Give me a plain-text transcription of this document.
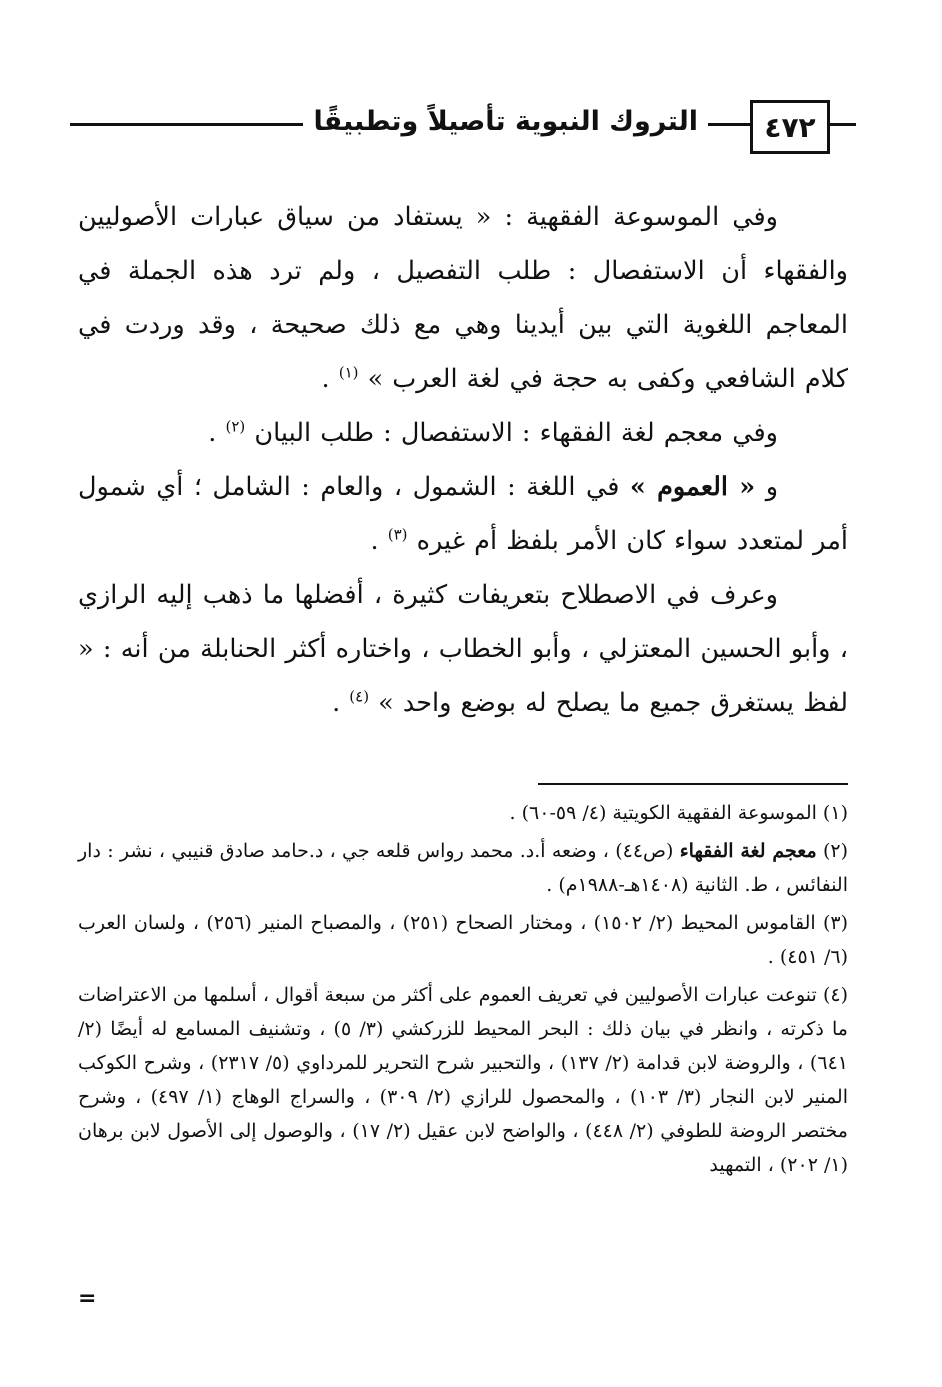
٤٧٢
التروك النبوية تأصيلاً وتطبيقًا

وفي الموسوعة الفقهية : « يستفاد من سياق عبارات الأصوليين والفقهاء أن الاستفصال : طلب التفصيل ، ولم ترد هذه الجملة في المعاجم اللغوية التي بين أيدينا وهي مع ذلك صحيحة ، وقد وردت في كلام الشافعي وكفى به حجة في لغة العرب » $^{(١)}$ .

وفي معجم لغة الفقهاء : الاستفصال : طلب البيان $^{(٢)}$ .

و « العموم » في اللغة : الشمول ، والعام : الشامل ؛ أي شمول أمر لمتعدد سواء كان الأمر بلفظ أم غيره $^{(٣)}$ .

وعرف في الاصطلاح بتعريفات كثيرة ، أفضلها ما ذهب إليه الرازي ، وأبو الحسين المعتزلي ، وأبو الخطاب ، واختاره أكثر الحنابلة من أنه : « لفظ يستغرق جميع ما يصلح له بوضع واحد » $^{(٤)}$ .

(١) الموسوعة الفقهية الكويتية (٤/ ٥٩-٦٠) .

(٢) معجم لغة الفقهاء (ص٤٤) ، وضعه أ.د. محمد رواس قلعه جي ، د.حامد صادق قنيبي ، نشر : دار النفائس ، ط. الثانية (١٤٠٨هـ-١٩٨٨م) .

(٣) القاموس المحيط (٢/ ١٥٠٢) ، ومختار الصحاح (٢٥١) ، والمصباح المنير (٢٥٦) ، ولسان العرب (٦/ ٤٥١) .

(٤) تنوعت عبارات الأصوليين في تعريف العموم على أكثر من سبعة أقوال ، أسلمها من الاعتراضات ما ذكرته ، وانظر في بيان ذلك : البحر المحيط للزركشي (٣/ ٥) ، وتشنيف المسامع له أيضًا (٢/ ٦٤١) ، والروضة لابن قدامة (٢/ ١٣٧) ، والتحبير شرح التحرير للمرداوي (٥/ ٢٣١٧) ، وشرح الكوكب المنير لابن النجار (٣/ ١٠٣) ، والمحصول للرازي (٢/ ٣٠٩) ، والسراج الوهاج (١/ ٤٩٧) ، وشرح مختصر الروضة للطوفي (٢/ ٤٤٨) ، والواضح لابن عقيل (٢/ ١٧) ، والوصول إلى الأصول لابن برهان (١/ ٢٠٢) ، التمهيد

=
